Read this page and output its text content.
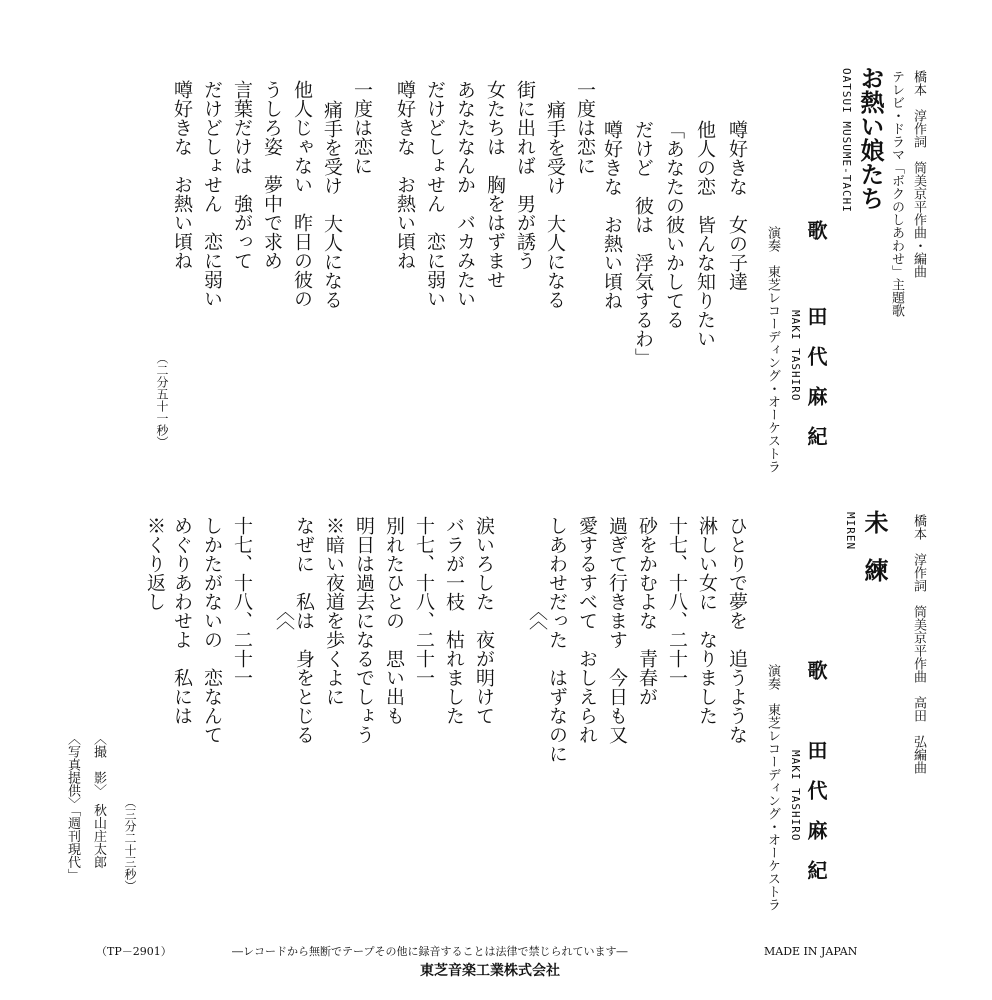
橋本　淳作詞　筒美京平作曲・編曲
テレビ・ドラマ「ボクのしあわせ」主題歌
お熱い娘たち
OATSUI MUSUME-TACHI
歌
田　代　麻　紀
MAKI TASHIRO
演奏　東芝レコーディング・オーケストラ
噂好きな　女の子達
他人の恋　皆んな知りたい
「あなたの彼いかしてる
だけど　彼は　浮気するわ」
噂好きな　お熱い頃ね
一度は恋に
痛手を受け　大人になる
街に出れば　男が誘う
女たちは　胸をはずませ
あなたなんか　バカみたい
だけどしょせん　恋に弱い
噂好きな　お熱い頃ね
一度は恋に
痛手を受け　大人になる
他人じゃない　昨日の彼の
うしろ姿　夢中で求め
言葉だけは　強がって
だけどしょせん　恋に弱い
噂好きな　お熱い頃ね
（二分五十一秒）
橋本　淳作詞　筒美京平作曲　高田　弘編曲
未　練
MIREN
歌
田　代　麻　紀
MAKI TASHIRO
演奏　東芝レコーディング・オーケストラ
ひとりで夢を　追うような
淋しい女に　なりました
十七、十八、二十一
砂をかむよな　青春が
過ぎて行きます　今日も又
愛するすべて　おしえられ
しあわせだった　はずなのに
　　　　　〈〈
涙いろした　夜が明けて
バラが一枝　枯れました
十七、十八、二十一
別れたひとの　思い出も
明日は過去になるでしょう
※暗い夜道を歩くよに
なぜに　私は　身をとじる
　　　　　〈〈
十七、十八、二十一
しかたがないの　恋なんて
めぐりあわせよ　私には
※くり返し
（三分二十三秒）
〈撮　影〉　秋山庄太郎
〈写真提供〉「週刊現代」
（TP－2901）	―レコードから無断でテープその他に録音することは法律で禁じられています―	MADE IN JAPAN
東芝音楽工業株式会社
